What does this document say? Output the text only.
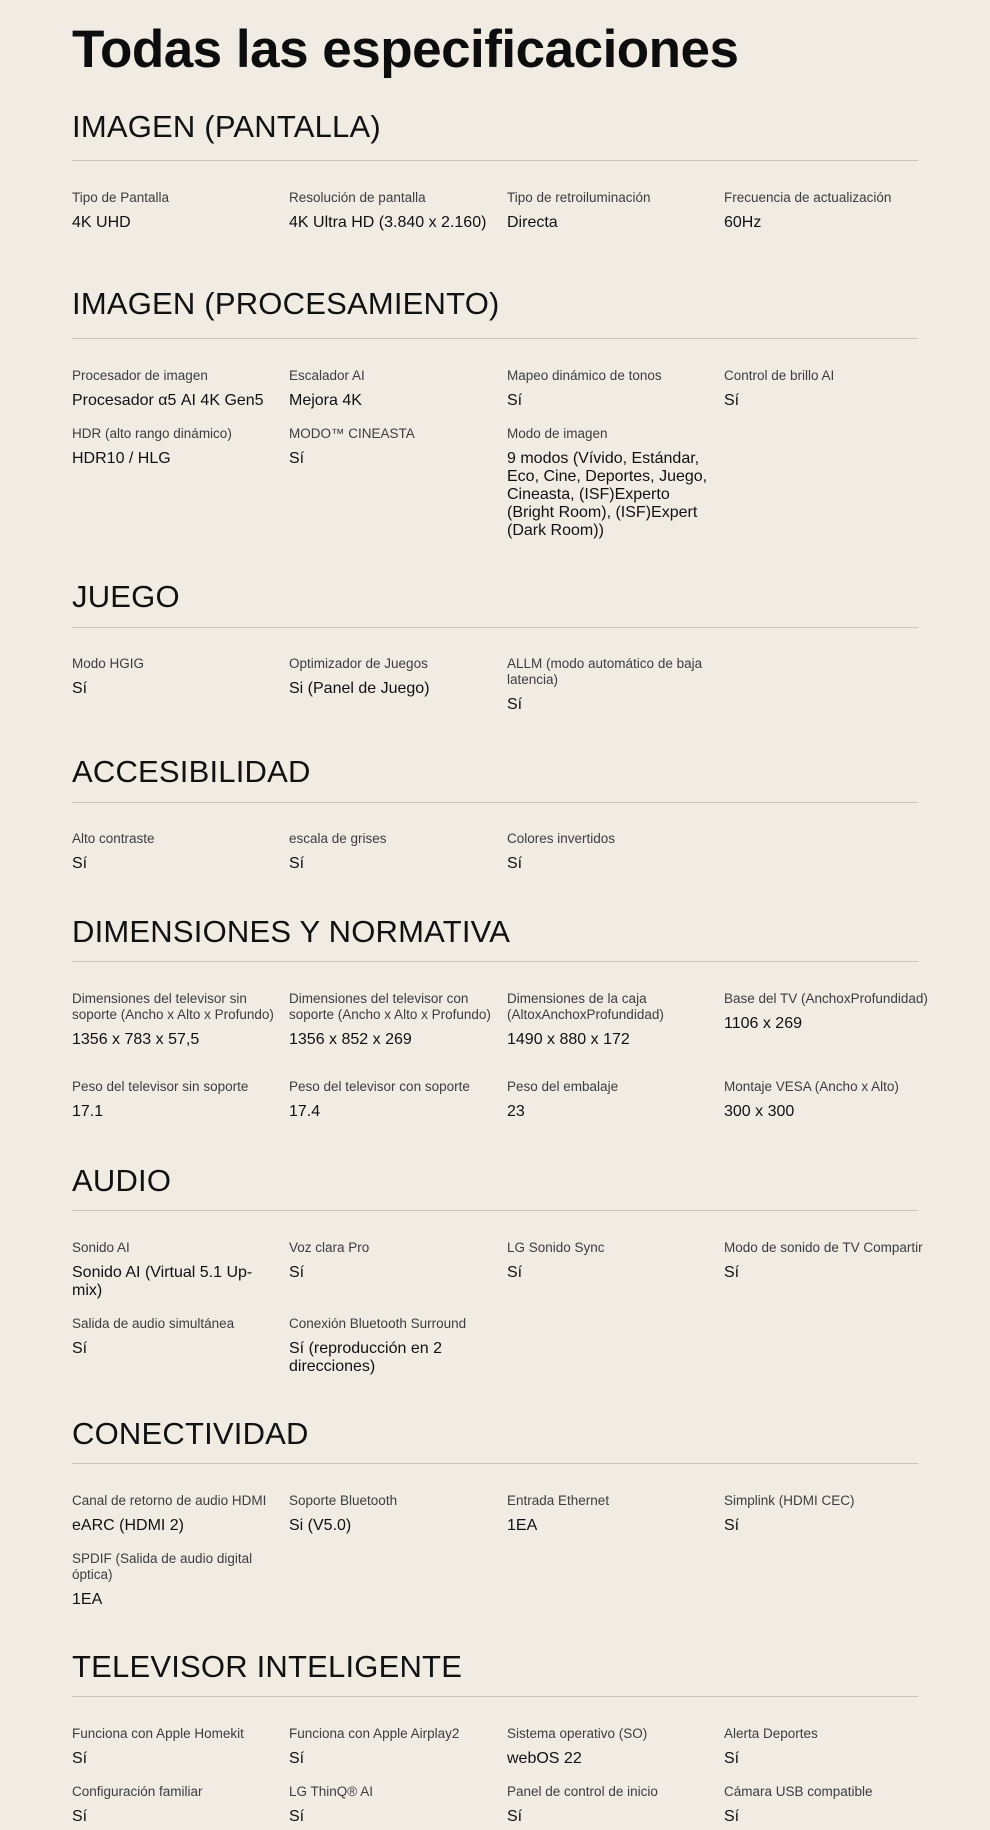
Todas las especificaciones
IMAGEN (PANTALLA)
Tipo de Pantalla
4K UHD
Resolución de pantalla
4K Ultra HD (3.840 x 2.160)
Tipo de retroiluminación
Directa
Frecuencia de actualización
60Hz
IMAGEN (PROCESAMIENTO)
Procesador de imagen
Procesador α5 AI 4K Gen5
Escalador AI
Mejora 4K
Mapeo dinámico de tonos
Sí
Control de brillo AI
Sí
HDR (alto rango dinámico)
HDR10 / HLG
MODO™ CINEASTA
Sí
Modo de imagen
9 modos (Vívido, Estándar, Eco, Cine, Deportes, Juego, Cineasta, (ISF)Experto (Bright Room), (ISF)Expert (Dark Room))
JUEGO
Modo HGIG
Sí
Optimizador de Juegos
Si (Panel de Juego)
ALLM (modo automático de baja latencia)
Sí
ACCESIBILIDAD
Alto contraste
Sí
escala de grises
Sí
Colores invertidos
Sí
DIMENSIONES Y NORMATIVA
Dimensiones del televisor sin soporte (Ancho x Alto x Profundo)
1356 x 783 x 57,5
Dimensiones del televisor con soporte (Ancho x Alto x Profundo)
1356 x 852 x 269
Dimensiones de la caja (AltoxAnchoxProfundidad)
1490 x 880 x 172
Base del TV (AnchoxProfundidad)
1106 x 269
Peso del televisor sin soporte
17.1
Peso del televisor con soporte
17.4
Peso del embalaje
23
Montaje VESA (Ancho x Alto)
300 x 300
AUDIO
Sonido AI
Sonido AI (Virtual 5.1 Up-mix)
Voz clara Pro
Sí
LG Sonido Sync
Sí
Modo de sonido de TV Compartir
Sí
Salida de audio simultánea
Sí
Conexión Bluetooth Surround
Sí (reproducción en 2 direcciones)
CONECTIVIDAD
Canal de retorno de audio HDMI
eARC (HDMI 2)
Soporte Bluetooth
Si (V5.0)
Entrada Ethernet
1EA
Simplink (HDMI CEC)
Sí
SPDIF (Salida de audio digital óptica)
1EA
TELEVISOR INTELIGENTE
Funciona con Apple Homekit
Sí
Funciona con Apple Airplay2
Sí
Sistema operativo (SO)
webOS 22
Alerta Deportes
Sí
Configuración familiar
Sí
LG ThinQ® AI
Sí
Panel de control de inicio
Sí
Cámara USB compatible
Sí
